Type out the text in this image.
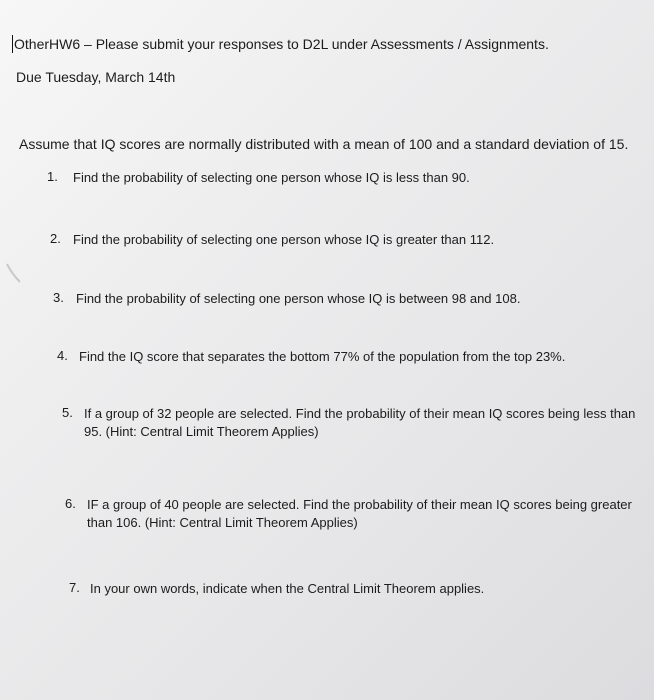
OtherHW6 – Please submit your responses to D2L under Assessments / Assignments.
Due Tuesday, March 14th
Assume that IQ scores are normally distributed with a mean of 100 and a standard deviation of 15.
1. Find the probability of selecting one person whose IQ is less than 90.
2. Find the probability of selecting one person whose IQ is greater than 112.
3. Find the probability of selecting one person whose IQ is between 98 and 108.
4. Find the IQ score that separates the bottom 77% of the population from the top 23%.
5. If a group of 32 people are selected. Find the probability of their mean IQ scores being less than 95. (Hint: Central Limit Theorem Applies)
6. IF a group of 40 people are selected. Find the probability of their mean IQ scores being greater than 106. (Hint: Central Limit Theorem Applies)
7. In your own words, indicate when the Central Limit Theorem applies.
